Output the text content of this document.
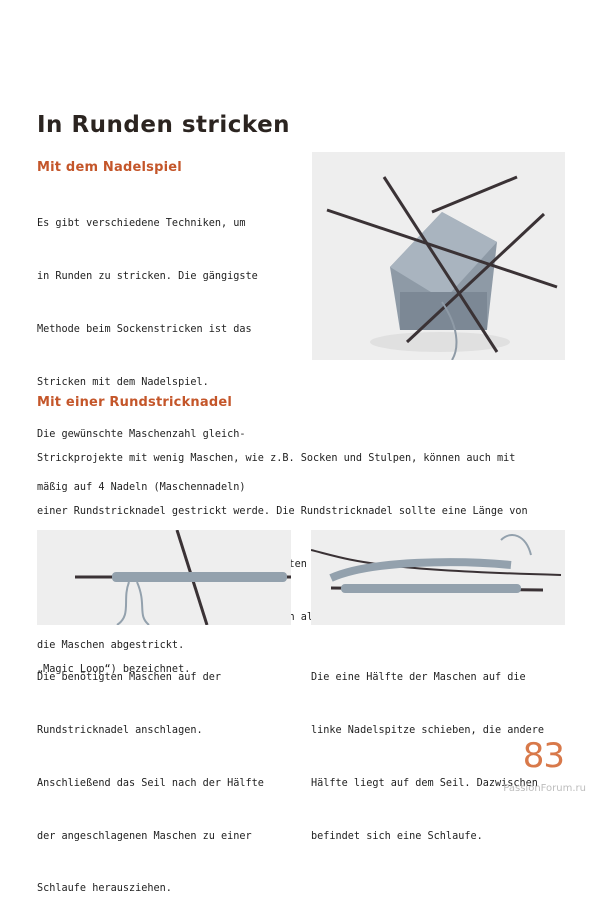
In Runden stricken
Mit dem Nadelspiel

Es gibt verschiedene Techniken, um

in Runden zu stricken. Die gängigste

Methode beim Sockenstricken ist das

Stricken mit dem Nadelspiel.

Die gewünschte Maschenzahl gleich-

mäßig auf 4 Nadeln (Maschennadeln)

die Maschen abgestrickt.

Mit einer Rundstricknadel

Strickprojekte mit wenig Maschen, wie z.B. Socken und Stulpen, können auch mit

einer Rundstricknadel gestrickt werde. Die Rundstricknadel sollte eine Länge von

als

„Magic Loop“) bezeichnet.

Die benötigten Maschen auf der

Rundstricknadel anschlagen.

Anschließend das Seil nach der Hälfte

der angeschlagenen Maschen zu einer

Schlaufe herausziehen.

Die eine Hälfte der Maschen auf die

linke Nadelspitze schieben, die andere

Hälfte liegt auf dem Seil. Dazwischen

befindet sich eine Schlaufe.

83
PassionForum.ru
